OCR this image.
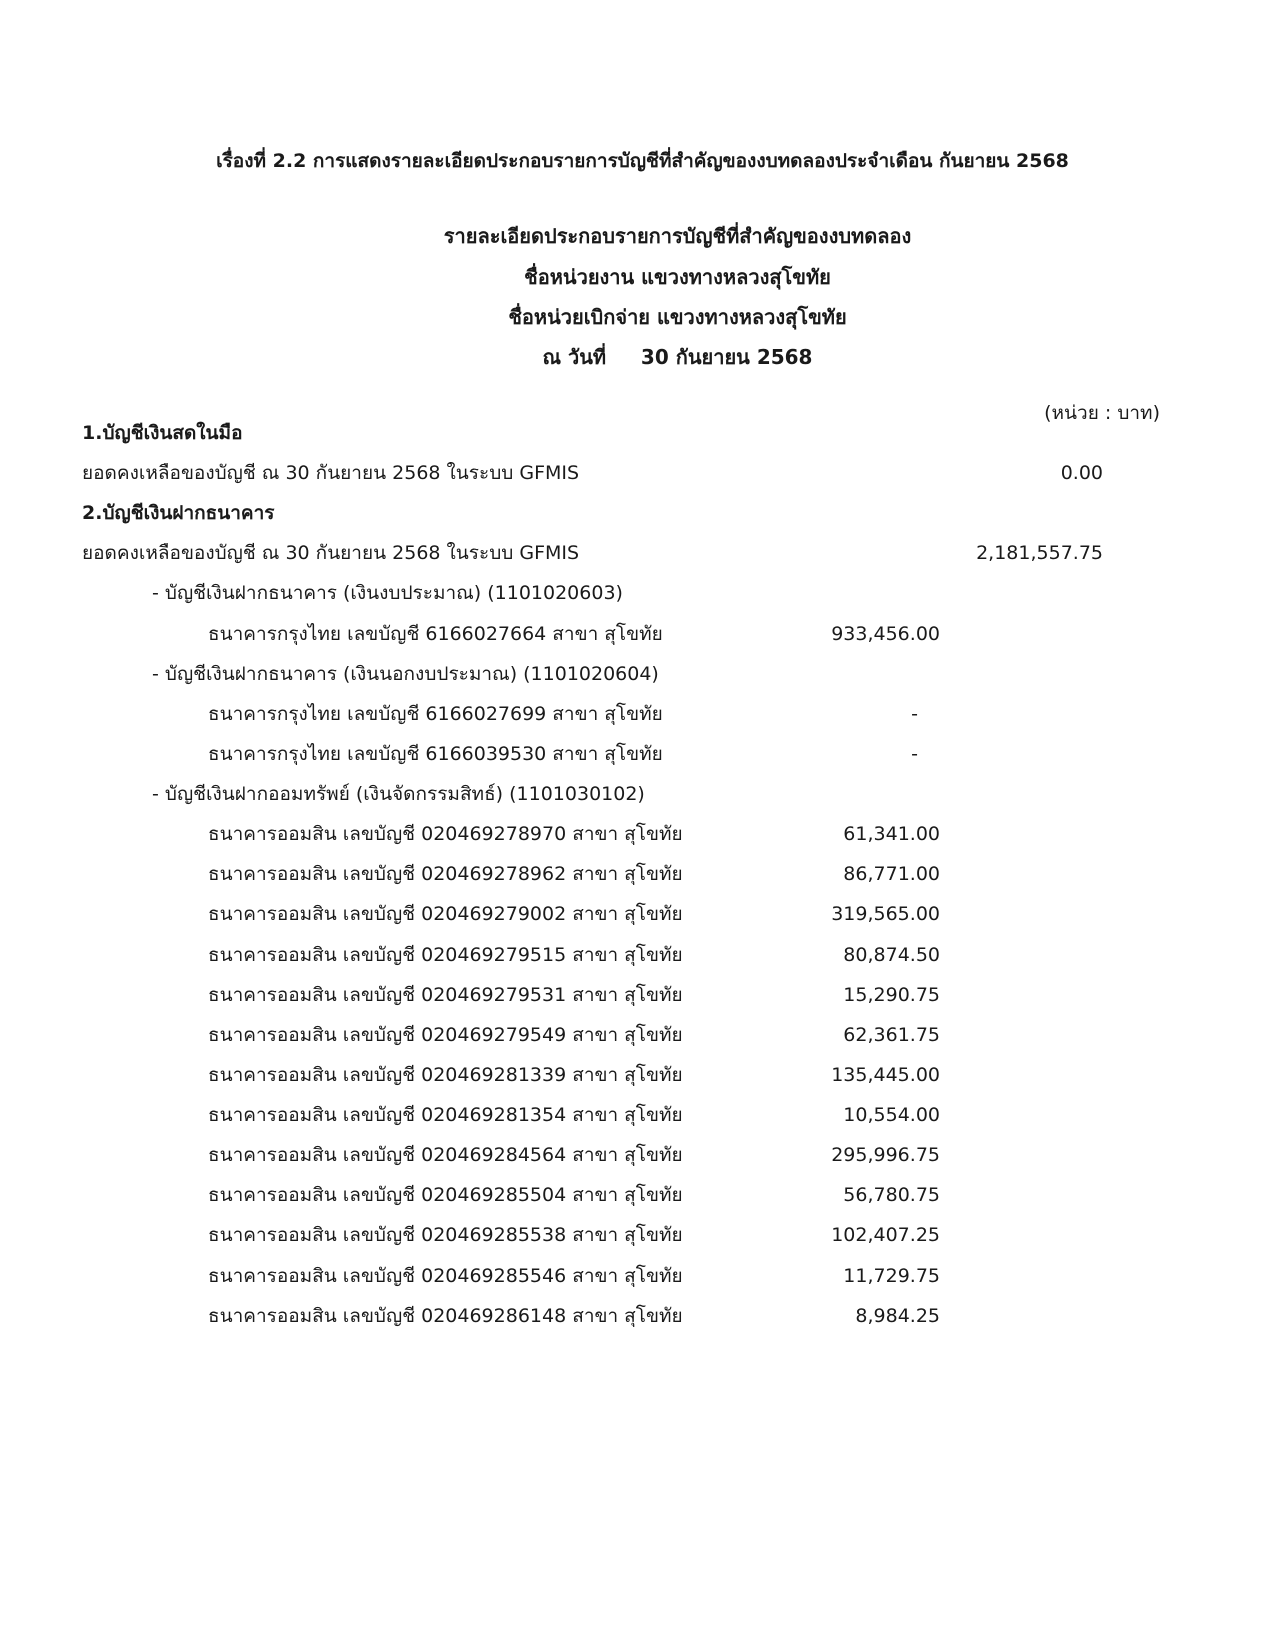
เรื่องที่ 2.2 การแสดงรายละเอียดประกอบรายการบัญชีที่สำคัญของงบทดลองประจำเดือน กันยายน 2568
รายละเอียดประกอบรายการบัญชีที่สำคัญของงบทดลอง
ชื่อหน่วยงาน แขวงทางหลวงสุโขทัย
ชื่อหน่วยเบิกจ่าย แขวงทางหลวงสุโขทัย
ณ วันที่     30 กันยายน 2568
(หน่วย : บาท)
1.บัญชีเงินสดในมือ
ยอดคงเหลือของบัญชี ณ 30 กันยายน 2568 ในระบบ GFMIS	0.00
2.บัญชีเงินฝากธนาคาร
ยอดคงเหลือของบัญชี ณ 30 กันยายน 2568 ในระบบ GFMIS	2,181,557.75
- บัญชีเงินฝากธนาคาร (เงินงบประมาณ) (1101020603)
ธนาคารกรุงไทย เลขบัญชี 6166027664 สาขา สุโขทัย	933,456.00
- บัญชีเงินฝากธนาคาร (เงินนอกงบประมาณ) (1101020604)
ธนาคารกรุงไทย เลขบัญชี 6166027699 สาขา สุโขทัย	-
ธนาคารกรุงไทย เลขบัญชี 6166039530 สาขา สุโขทัย	-
- บัญชีเงินฝากออมทรัพย์ (เงินจัดกรรมสิทธ์) (1101030102)
ธนาคารออมสิน เลขบัญชี 020469278970 สาขา สุโขทัย	61,341.00
ธนาคารออมสิน เลขบัญชี 020469278962 สาขา สุโขทัย	86,771.00
ธนาคารออมสิน เลขบัญชี 020469279002 สาขา สุโขทัย	319,565.00
ธนาคารออมสิน เลขบัญชี 020469279515 สาขา สุโขทัย	80,874.50
ธนาคารออมสิน เลขบัญชี 020469279531 สาขา สุโขทัย	15,290.75
ธนาคารออมสิน เลขบัญชี 020469279549 สาขา สุโขทัย	62,361.75
ธนาคารออมสิน เลขบัญชี 020469281339 สาขา สุโขทัย	135,445.00
ธนาคารออมสิน เลขบัญชี 020469281354 สาขา สุโขทัย	10,554.00
ธนาคารออมสิน เลขบัญชี 020469284564 สาขา สุโขทัย	295,996.75
ธนาคารออมสิน เลขบัญชี 020469285504 สาขา สุโขทัย	56,780.75
ธนาคารออมสิน เลขบัญชี 020469285538 สาขา สุโขทัย	102,407.25
ธนาคารออมสิน เลขบัญชี 020469285546 สาขา สุโขทัย	11,729.75
ธนาคารออมสิน เลขบัญชี 020469286148 สาขา สุโขทัย	8,984.25
